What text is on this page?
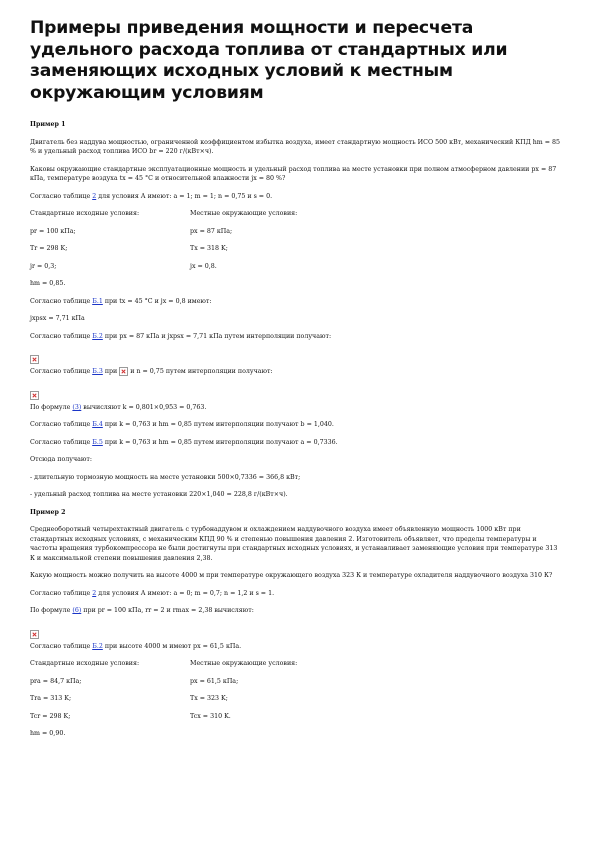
Примеры приведения мощности и пересчета удельного расхода топлива от стандартных или заменяющих исходных условий к местным окружающим условиям

Пример 1

Двигатель без наддува мощностью, ограниченной коэффициентом избытка воздуха, имеет стандартную мощность ИСО 500 кВт, механический КПД hm = 85 % и удельный расход топлива ИСО br = 220 г/(кВт×ч).

Каковы окружающие стандартные эксплуатационные мощность и удельный расход топлива на месте установки при полном атмосферном давлении px = 87 кПа, температуре воздуха tx = 45 °C и относительной влажности jx = 80 %?

Согласно таблице 2 для условия А имеют: a = 1; m = 1; n = 0,75 и s = 0.

Стандартные исходные условия:	Местные окружающие условия:
pr = 100 кПа;	px = 87 кПа;
Tr = 298 K;	Tx = 318 K;
jr = 0,3;	jx = 0,8.

hm = 0,85.

Согласно таблице Б.1 при tx = 45 °C и jx = 0,8 имеют:

jxpsx = 7,71 кПа

Согласно таблице Б.2 при px = 87 кПа и jxpsx = 7,71 кПа путем интерполяции получают:

Согласно таблице Б.3 при  и n = 0,75 путем интерполяции получают:

По формуле (3) вычисляют k = 0,801×0,953 = 0,763.

Согласно таблице Б.4 при k = 0,763 и hm = 0,85 путем интерполяции получают b = 1,040.

Согласно таблице Б.5 при k = 0,763 и hm = 0,85 путем интерполяции получают a = 0,7336.

Отсюда получают:

- длительную тормозную мощность на месте установки 500×0,7336 = 366,8 кВт;

- удельный расход топлива на месте установки 220×1,040 = 228,8 г/(кВт×ч).

Пример 2

Среднеоборотный четырехтактный двигатель с турбонаддувом и охлаждением наддувочного воздуха имеет объявленную мощность 1000 кВт при стандартных исходных условиях, с механическим КПД 90 % и степенью повышения давления 2. Изготовитель объявляет, что пределы температуры и частоты вращения турбокомпрессора не были достигнуты при стандартных исходных условиях, и устанавливает заменяющие условия при температуре 313 К и максимальной степени повышения давления 2,38.

Какую мощность можно получить на высоте 4000 м при температуре окружающего воздуха 323 К и температуре охладителя наддувочного воздуха 310 К?

Согласно таблице 2 для условия А имеют: a = 0; m = 0,7; n = 1,2 и s = 1.

По формуле (6) при pr = 100 кПа, rr = 2 и rmax = 2,38 вычисляют:

Согласно таблице Б.2 при высоте 4000 м имеют px = 61,5 кПа.

Стандартные исходные условия:	Местные окружающие условия:
pra = 84,7 кПа;	px = 61,5 кПа;
Tra = 313 K;	Tx = 323 K;
Tcr = 298 K;	Tcx = 310 K.

hm = 0,90.
